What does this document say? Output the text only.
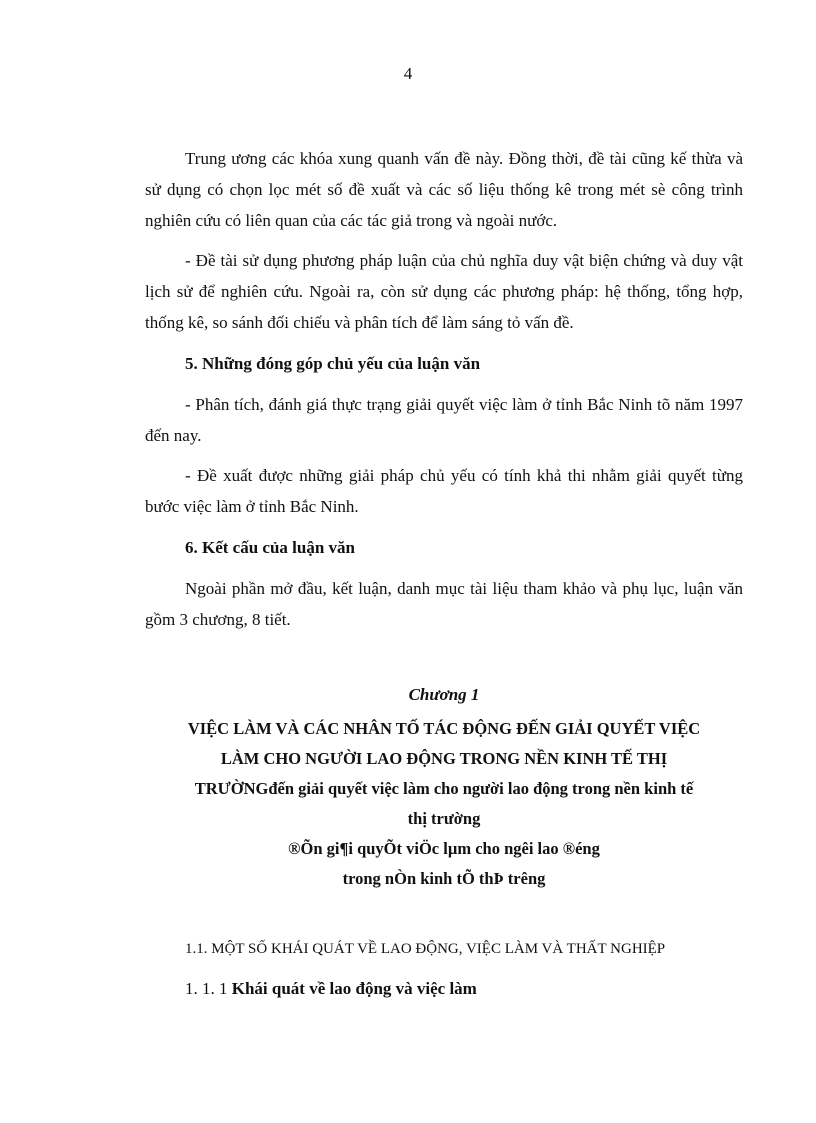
4

Trung ương các khóa xung quanh vấn đề này. Đồng thời, đề tài cũng kế thừa và sử dụng có chọn lọc mét số đề xuất và các số liệu thống kê trong mét sè công trình nghiên cứu có liên quan của các tác giả trong và ngoài nước.

- Đề tài sử dụng phương pháp luận của chủ nghĩa duy vật biện chứng và duy vật lịch sử để nghiên cứu. Ngoài ra, còn sử dụng các phương pháp: hệ thống, tổng hợp, thống kê, so sánh đối chiếu và phân tích để làm sáng tỏ vấn đề.

5. Những đóng góp chủ yếu của luận văn

- Phân tích, đánh giá thực trạng giải quyết việc làm ở tỉnh Bắc Ninh tõ năm 1997 đến nay.

- Đề xuất được những giải pháp chủ yếu có tính khả thi nhằm giải quyết từng bước việc làm ở tỉnh Bắc Ninh.

6. Kết cấu của luận văn

Ngoài phần mở đầu, kết luận, danh mục tài liệu tham khảo và phụ lục, luận văn gồm 3 chương, 8 tiết.

Chương 1

VIỆC LÀM VÀ CÁC NHÂN TỐ TÁC ĐỘNG ĐẾN GIẢI QUYẾT VIỆC

LÀM CHO NGƯỜI LAO ĐỘNG TRONG NỀN KINH TẾ THỊ

TRƯỜNGđến giải quyết việc làm cho người lao động trong nền kinh tế

thị trường

®Õn gi¶i quyÕt viÖc lµm cho ngêi lao ®éng

trong nÒn kinh tÕ thÞ trêng

1.1. MỘT SỐ KHÁI QUÁT VỀ LAO ĐỘNG, VIỆC LÀM VÀ THẤT NGHIỆP

1. 1. 1 Khái quát về lao động và việc làm
